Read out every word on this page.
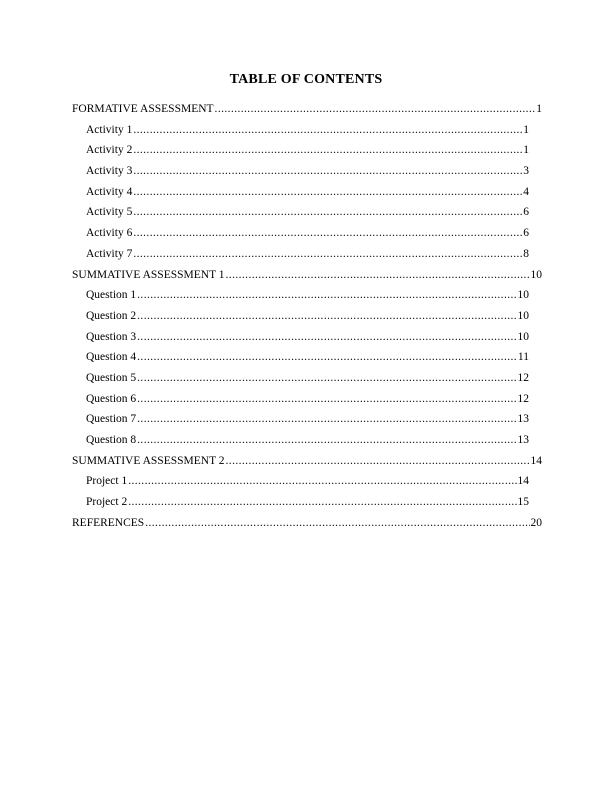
TABLE OF CONTENTS
FORMATIVE ASSESSMENT .....	1
Activity 1 .....	1
Activity 2 .....	1
Activity 3 .....	3
Activity 4 .....	4
Activity 5 .....	6
Activity 6 .....	6
Activity 7 .....	8
SUMMATIVE ASSESSMENT 1 .....	10
Question 1 .....	10
Question 2 .....	10
Question 3 .....	10
Question 4 .....	11
Question 5 .....	12
Question 6 .....	12
Question 7 .....	13
Question 8 .....	13
SUMMATIVE ASSESSMENT 2 .....	14
Project 1 .....	14
Project 2 .....	15
REFERENCES .....	20
